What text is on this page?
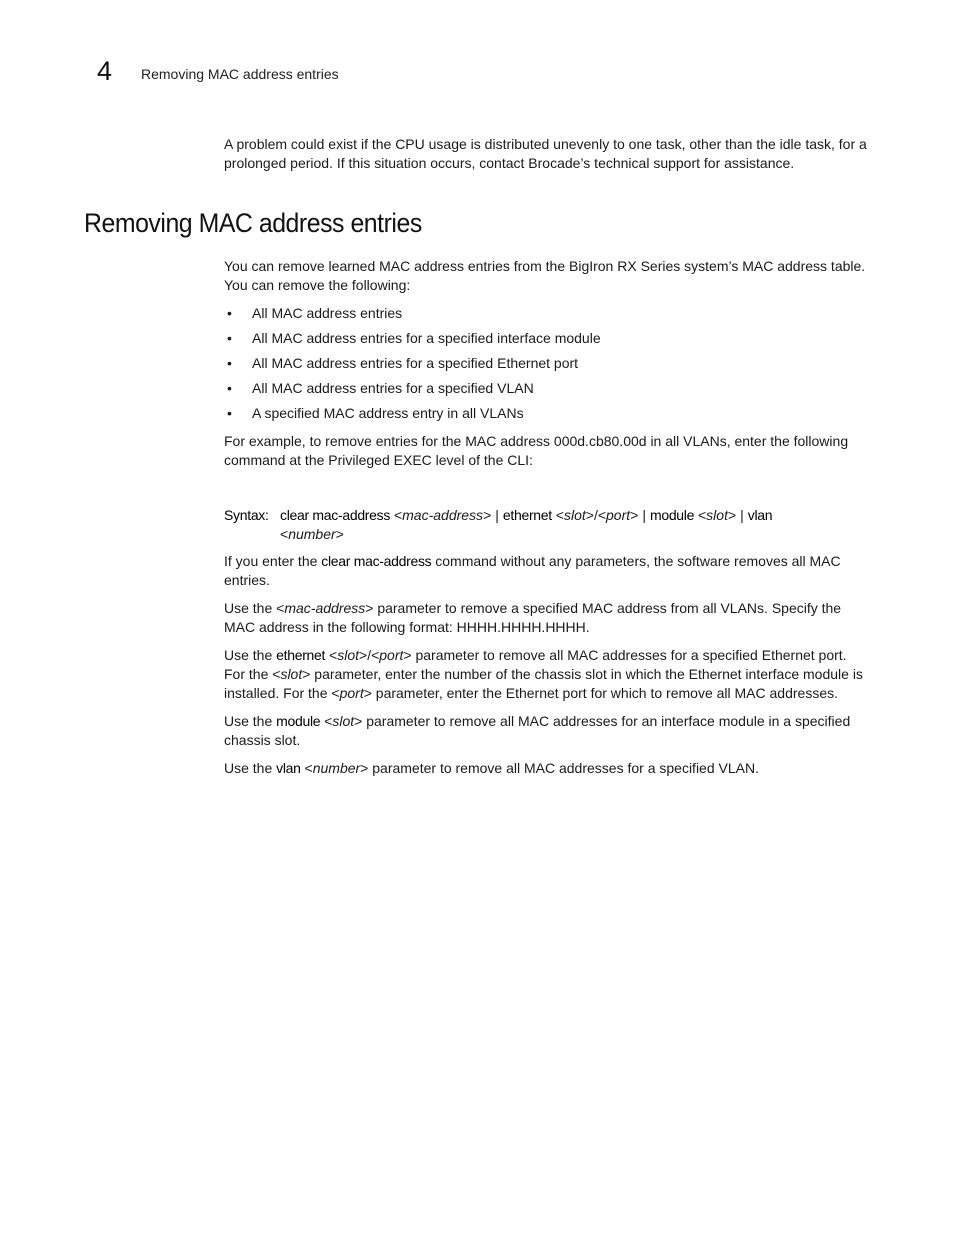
4 Removing MAC address entries

A problem could exist if the CPU usage is distributed unevenly to one task, other than the idle task, for a prolonged period. If this situation occurs, contact Brocade’s technical support for assistance.

Removing MAC address entries

You can remove learned MAC address entries from the BigIron RX Series system’s MAC address table. You can remove the following:

• All MAC address entries
• All MAC address entries for a specified interface module
• All MAC address entries for a specified Ethernet port
• All MAC address entries for a specified VLAN
• A specified MAC address entry in all VLANs

For example, to remove entries for the MAC address 000d.cb80.00d in all VLANs, enter the following command at the Privileged EXEC level of the CLI:

Syntax: clear mac-address <mac-address> | ethernet <slot>/<port> | module <slot> | vlan
<number>

If you enter the clear mac-address command without any parameters, the software removes all MAC entries.

Use the <mac-address> parameter to remove a specified MAC address from all VLANs. Specify the MAC address in the following format: HHHH.HHHH.HHHH.

Use the ethernet <slot>/<port> parameter to remove all MAC addresses for a specified Ethernet port. For the <slot> parameter, enter the number of the chassis slot in which the Ethernet interface module is installed. For the <port> parameter, enter the Ethernet port for which to remove all MAC addresses.

Use the module <slot> parameter to remove all MAC addresses for an interface module in a specified chassis slot.

Use the vlan <number> parameter to remove all MAC addresses for a specified VLAN.
